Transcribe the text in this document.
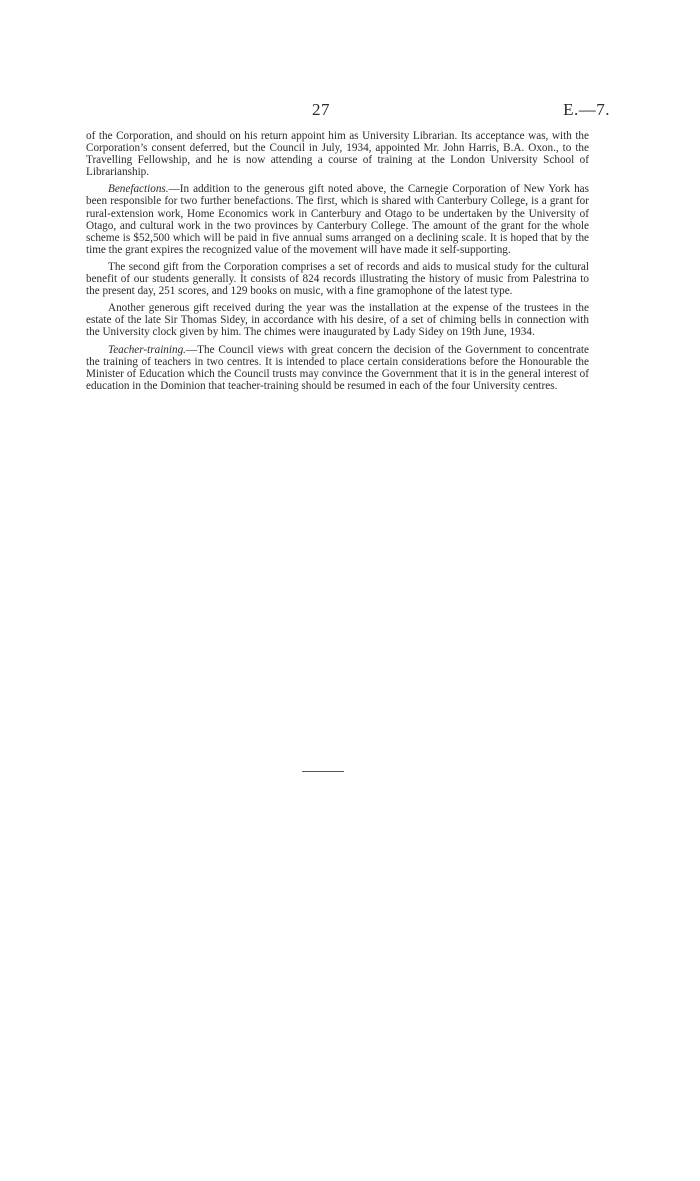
27	E.—7.

of the Corporation, and should on his return appoint him as University Librarian. Its acceptance was, with the Corporation’s consent deferred, but the Council in July, 1934, appointed Mr. John Harris, B.A. Oxon., to the Travelling Fellowship, and he is now attending a course of training at the London University School of Librarianship.

Benefactions.—In addition to the generous gift noted above, the Carnegie Corporation of New York has been responsible for two further benefactions. The first, which is shared with Canterbury College, is a grant for rural-extension work, Home Economics work in Canterbury and Otago to be undertaken by the University of Otago, and cultural work in the two provinces by Canterbury College. The amount of the grant for the whole scheme is $52,500 which will be paid in five annual sums arranged on a declining scale. It is hoped that by the time the grant expires the recognized value of the movement will have made it self-supporting.

The second gift from the Corporation comprises a set of records and aids to musical study for the cultural benefit of our students generally. It consists of 824 records illustrating the history of music from Palestrina to the present day, 251 scores, and 129 books on music, with a fine gramophone of the latest type.

Another generous gift received during the year was the installation at the expense of the trustees in the estate of the late Sir Thomas Sidey, in accordance with his desire, of a set of chiming bells in connection with the University clock given by him. The chimes were inaugurated by Lady Sidey on 19th June, 1934.

Teacher-training.—The Council views with great concern the decision of the Government to concentrate the training of teachers in two centres. It is intended to place certain considerations before the Honourable the Minister of Education which the Council trusts may convince the Government that it is in the general interest of education in the Dominion that teacher-training should be resumed in each of the four University centres.
